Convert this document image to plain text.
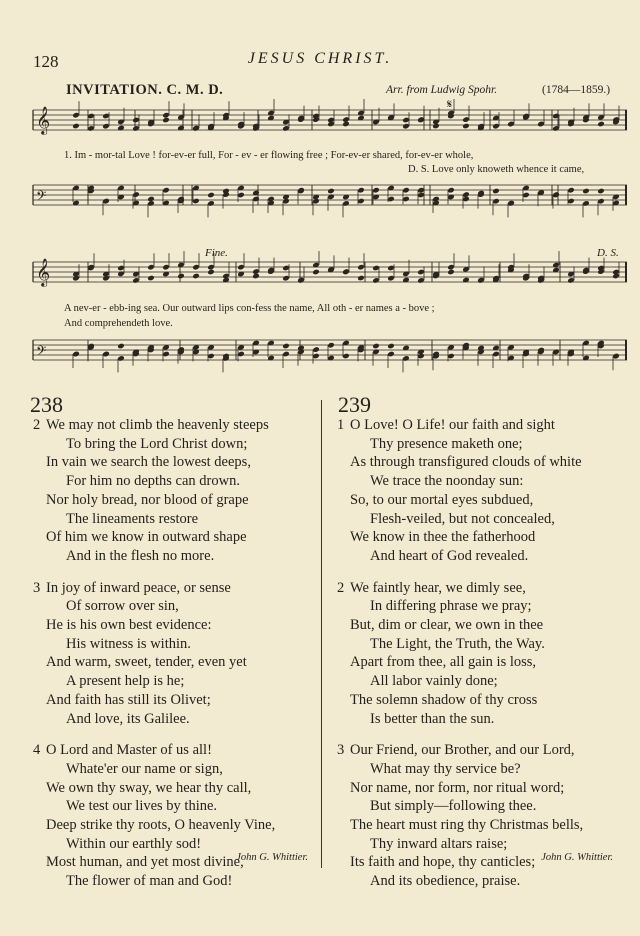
128	JESUS CHRIST.
INVITATION. C. M. D.	Arr. from Ludwig Spohr.	(1784—1859.)
𝄞
𝄢
𝄞
𝄢
𝄋
1. Im - mor-tal Love ! for-ev-er full, For - ev - er flowing free ; For-ev-er shared, for-ev-er whole,
D. S. Love only knoweth whence it came,
A nev-er - ebb-ing sea. Our outward lips con-fess the name, All oth - er names a - bove ;
And comprehendeth love.
Fine.	D. S.
238	239
2 We may not climb the heavenly steeps
To bring the Lord Christ down;
In vain we search the lowest deeps,
For him no depths can drown.
Nor holy bread, nor blood of grape
The lineaments restore
Of him we know in outward shape
And in the flesh no more.
3 In joy of inward peace, or sense
Of sorrow over sin,
He is his own best evidence:
His witness is within.
And warm, sweet, tender, even yet
A present help is he;
And faith has still its Olivet;
And love, its Galilee.
4 O Lord and Master of us all!
Whate'er our name or sign,
We own thy sway, we hear thy call,
We test our lives by thine.
Deep strike thy roots, O heavenly Vine,
Within our earthly sod!
Most human, and yet most divine,
The flower of man and God!
1 O Love! O Life! our faith and sight
Thy presence maketh one;
As through transfigured clouds of white
We trace the noonday sun:
So, to our mortal eyes subdued,
Flesh-veiled, but not concealed,
We know in thee the fatherhood
And heart of God revealed.
2 We faintly hear, we dimly see,
In differing phrase we pray;
But, dim or clear, we own in thee
The Light, the Truth, the Way.
Apart from thee, all gain is loss,
All labor vainly done;
The solemn shadow of thy cross
Is better than the sun.
3 Our Friend, our Brother, and our Lord,
What may thy service be?
Nor name, nor form, nor ritual word;
But simply—following thee.
The heart must ring thy Christmas bells,
Thy inward altars raise;
Its faith and hope, thy canticles;
And its obedience, praise.
John G. Whittier.	John G. Whittier.
